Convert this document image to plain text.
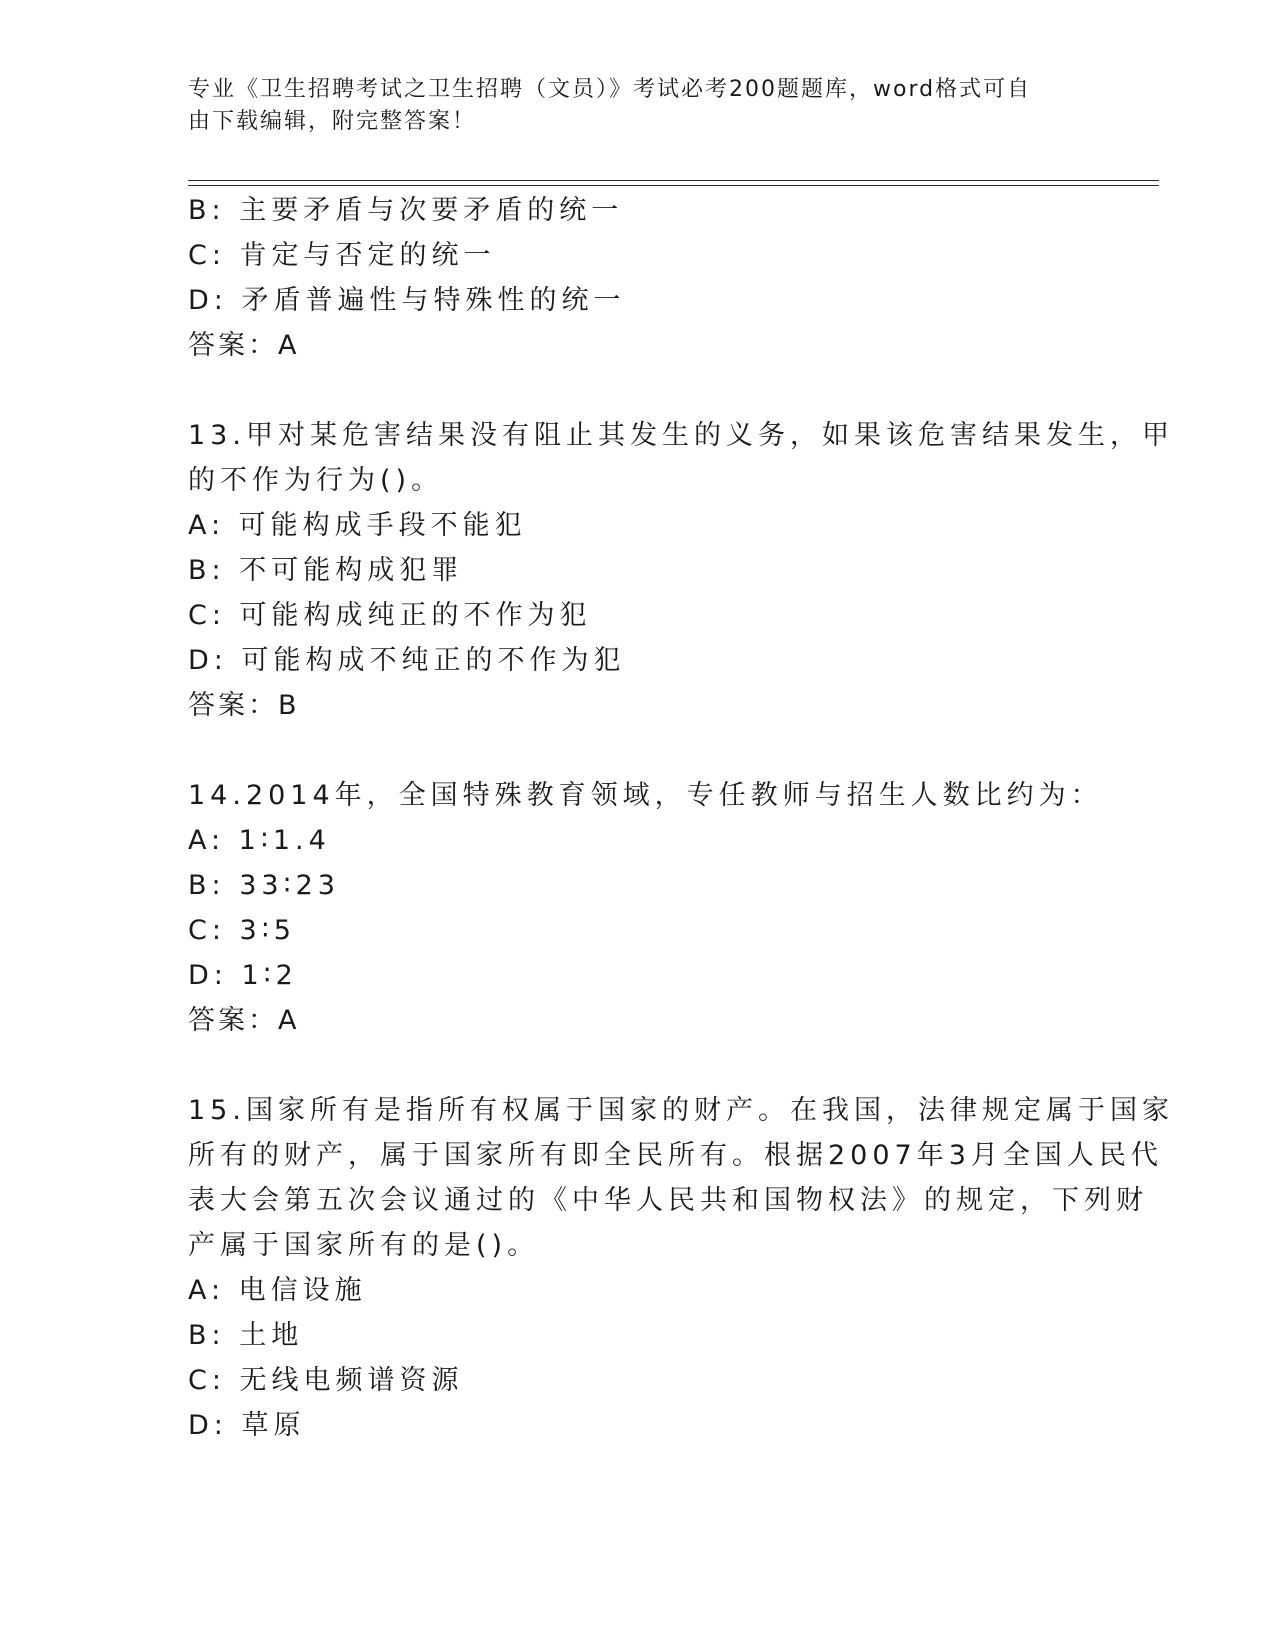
专业《卫生招聘考试之卫生招聘（文员）》考试必考200题题库，word格式可自
由下载编辑，附完整答案！
B: 主要矛盾与次要矛盾的统一
C: 肯定与否定的统一
D: 矛盾普遍性与特殊性的统一
答案：A
13.甲对某危害结果没有阻止其发生的义务，如果该危害结果发生，甲
的不作为行为()。
A: 可能构成手段不能犯
B: 不可能构成犯罪
C: 可能构成纯正的不作为犯
D: 可能构成不纯正的不作为犯
答案：B
14.2014年，全国特殊教育领域，专任教师与招生人数比约为：
A: 1∶1.4
B: 33∶23
C: 3∶5
D: 1∶2
答案：A
15.国家所有是指所有权属于国家的财产。在我国，法律规定属于国家
所有的财产，属于国家所有即全民所有。根据2007年3月全国人民代
表大会第五次会议通过的《中华人民共和国物权法》的规定，下列财
产属于国家所有的是()。
A: 电信设施
B: 土地
C: 无线电频谱资源
D: 草原
